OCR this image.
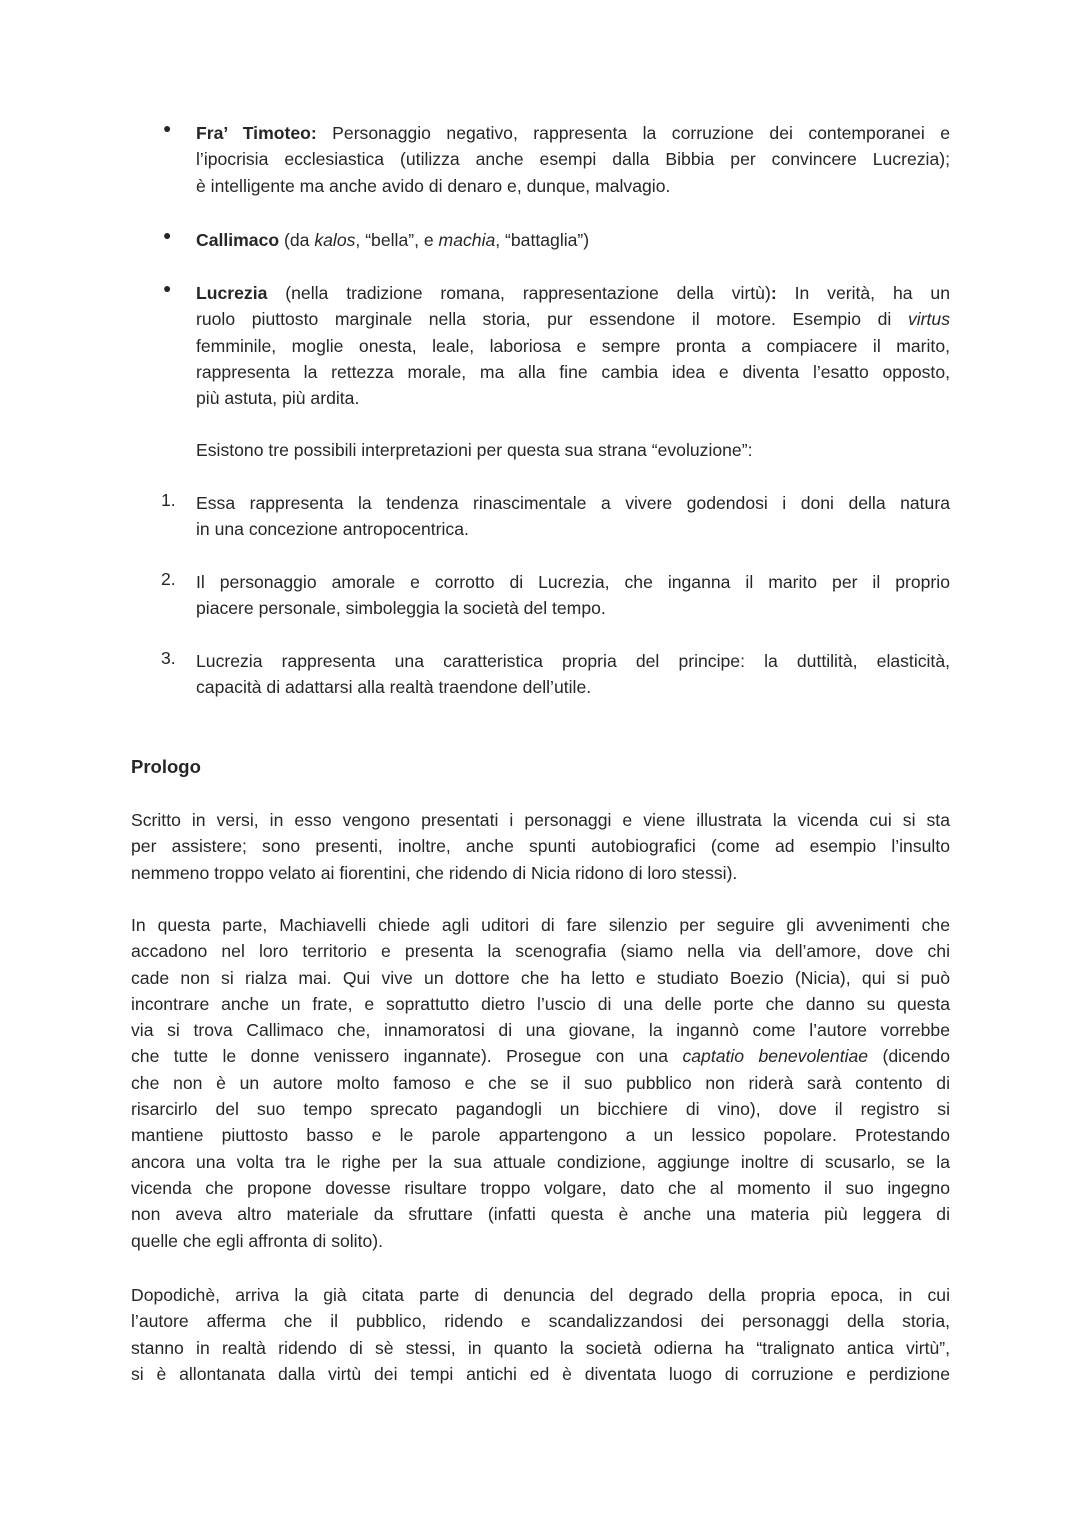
●	Fra’ Timoteo: Personaggio negativo, rappresenta la corruzione dei contemporanei e
l’ipocrisia ecclesiastica (utilizza anche esempi dalla Bibbia per convincere Lucrezia);
è intelligente ma anche avido di denaro e, dunque, malvagio.
●	Callimaco (da kalos, “bella”, e machia, “battaglia”)
●	Lucrezia (nella tradizione romana, rappresentazione della virtù): In verità, ha un
ruolo piuttosto marginale nella storia, pur essendone il motore. Esempio di virtus
femminile, moglie onesta, leale, laboriosa e sempre pronta a compiacere il marito,
rappresenta la rettezza morale, ma alla fine cambia idea e diventa l’esatto opposto,
più astuta, più ardita.
Esistono tre possibili interpretazioni per questa sua strana “evoluzione”:
1.	Essa rappresenta la tendenza rinascimentale a vivere godendosi i doni della natura
in una concezione antropocentrica.
2.	Il personaggio amorale e corrotto di Lucrezia, che inganna il marito per il proprio
piacere personale, simboleggia la società del tempo.
3.	Lucrezia rappresenta una caratteristica propria del principe: la duttilità, elasticità,
capacità di adattarsi alla realtà traendone dell’utile.
Prologo
Scritto in versi, in esso vengono presentati i personaggi e viene illustrata la vicenda cui si sta
per assistere; sono presenti, inoltre, anche spunti autobiografici (come ad esempio l’insulto
nemmeno troppo velato ai fiorentini, che ridendo di Nicia ridono di loro stessi).
In questa parte, Machiavelli chiede agli uditori di fare silenzio per seguire gli avvenimenti che
accadono nel loro territorio e presenta la scenografia (siamo nella via dell’amore, dove chi
cade non si rialza mai. Qui vive un dottore che ha letto e studiato Boezio (Nicia), qui si può
incontrare anche un frate, e soprattutto dietro l’uscio di una delle porte che danno su questa
via si trova Callimaco che, innamoratosi di una giovane, la ingannò come l’autore vorrebbe
che tutte le donne venissero ingannate). Prosegue con una captatio benevolentiae (dicendo
che non è un autore molto famoso e che se il suo pubblico non riderà sarà contento di
risarcirlo del suo tempo sprecato pagandogli un bicchiere di vino), dove il registro si
mantiene piuttosto basso e le parole appartengono a un lessico popolare. Protestando
ancora una volta tra le righe per la sua attuale condizione, aggiunge inoltre di scusarlo, se la
vicenda che propone dovesse risultare troppo volgare, dato che al momento il suo ingegno
non aveva altro materiale da sfruttare (infatti questa è anche una materia più leggera di
quelle che egli affronta di solito).
Dopodichè, arriva la già citata parte di denuncia del degrado della propria epoca, in cui
l’autore afferma che il pubblico, ridendo e scandalizzandosi dei personaggi della storia,
stanno in realtà ridendo di sè stessi, in quanto la società odierna ha “tralignato antica virtù”,
si è allontanata dalla virtù dei tempi antichi ed è diventata luogo di corruzione e perdizione
